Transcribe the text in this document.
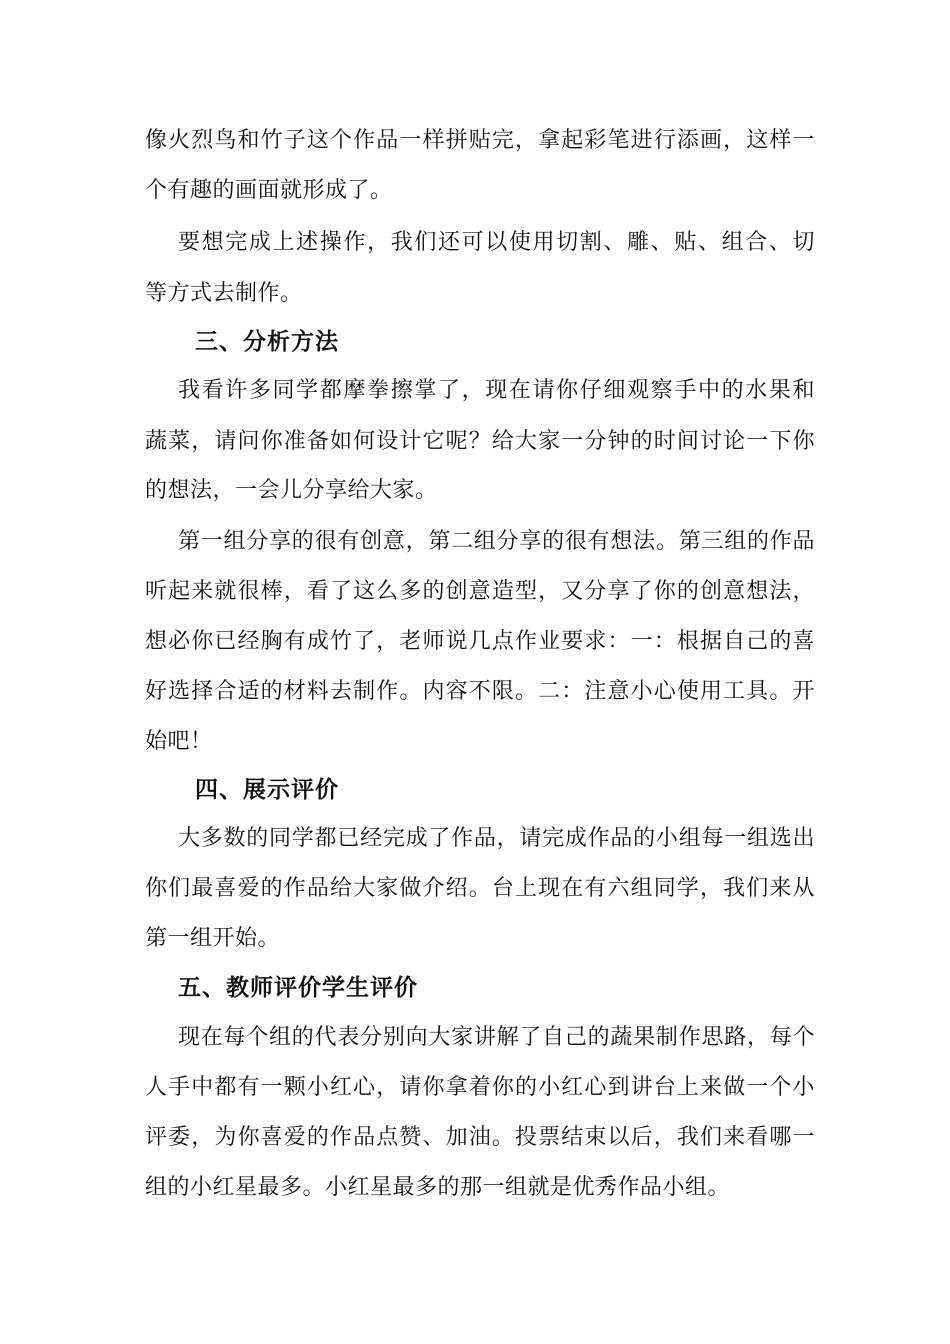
像火烈鸟和竹子这个作品一样拼贴完，拿起彩笔进行添画，这样一
个有趣的画面就形成了。
要想完成上述操作，我们还可以使用切割、雕、贴、组合、切
等方式去制作。
三、分析方法
我看许多同学都摩拳擦掌了，现在请你仔细观察手中的水果和
蔬菜，请问你准备如何设计它呢？给大家一分钟的时间讨论一下你
的想法，一会儿分享给大家。
第一组分享的很有创意，第二组分享的很有想法。第三组的作品
听起来就很棒，看了这么多的创意造型，又分享了你的创意想法，
想必你已经胸有成竹了，老师说几点作业要求：一：根据自己的喜
好选择合适的材料去制作。内容不限。二：注意小心使用工具。开
始吧！
四、展示评价
大多数的同学都已经完成了作品，请完成作品的小组每一组选出
你们最喜爱的作品给大家做介绍。台上现在有六组同学，我们来从
第一组开始。
五、教师评价学生评价
现在每个组的代表分别向大家讲解了自己的蔬果制作思路，每个
人手中都有一颗小红心，请你拿着你的小红心到讲台上来做一个小
评委，为你喜爱的作品点赞、加油。投票结束以后，我们来看哪一
组的小红星最多。小红星最多的那一组就是优秀作品小组。
